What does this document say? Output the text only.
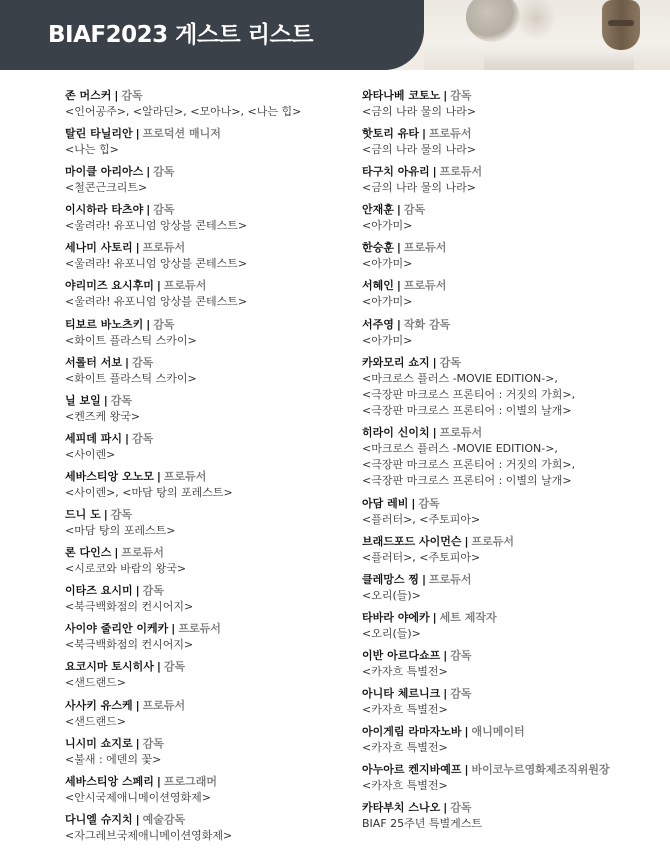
BIAF2023 게스트 리스트
존 머스커 | 감독
<인어공주>, <알라딘>, <모아나>, <나는 힙>
탈린 타닐리안 | 프로덕션 매니저
<나는 힙>
마이클 아리아스 | 감독
<철콘근크리트>
이시하라 타츠야 | 감독
<울려라! 유포니엄 앙상블 콘테스트>
세나미 사토리 | 프로듀서
<울려라! 유포니엄 앙상블 콘테스트>
야리미즈 요시후미 | 프로듀서
<울려라! 유포니엄 앙상블 콘테스트>
티보르 바노츠키 | 감독
<화이트 플라스틱 스카이>
서롤터 서보 | 감독
<화이트 플라스틱 스카이>
닐 보일 | 감독
<켄즈케 왕국>
세피데 파시 | 감독
<사이렌>
세바스티앙 오노모 | 프로듀서
<사이렌>, <마담 탕의 포레스트>
드니 도 | 감독
<마담 탕의 포레스트>
론 다인스 | 프로듀서
<시로코와 바람의 왕국>
이타즈 요시미 | 감독
<북극백화점의 컨시어지>
사이야 줄리안 이케카 | 프로듀서
<북극백화점의 컨시어지>
요코시마 토시히사 | 감독
<샌드랜드>
사사키 유스케 | 프로듀서
<샌드랜드>
니시미 쇼지로 | 감독
<불새 : 에덴의 꽃>
세바스티앙 스페리 | 프로그래머
<안시국제애니메이션영화제>
다니엘 슈지치 | 예술감독
<자그레브국제애니메이션영화제>
와타나베 코토노 | 감독
<금의 나라 물의 나라>
핫토리 유타 | 프로듀서
<금의 나라 물의 나라>
타구치 아유리 | 프로듀서
<금의 나라 물의 나라>
안재훈 | 감독
<아가미>
한승훈 | 프로듀서
<아가미>
서혜인 | 프로듀서
<아가미>
서주영 | 작화 감독
<아가미>
카와모리 쇼지 | 감독
<마크로스 플러스 -MOVIE EDITION->,
<극장판 마크로스 프론티어 : 거짓의 가희>,
<극장판 마크로스 프론티어 : 이별의 날개>
히라이 신이치 | 프로듀서
<마크로스 플러스 -MOVIE EDITION->,
<극장판 마크로스 프론티어 : 거짓의 가희>,
<극장판 마크로스 프론티어 : 이별의 날개>
아담 레비 | 감독
<플러터>, <주토피아>
브래드포드 사이먼슨 | 프로듀서
<플러터>, <주토피아>
클레망스 찡 | 프로듀서
<오리(들)>
타바라 야에카 | 세트 제작자
<오리(들)>
이반 아르다쇼프 | 감독
<카자흐 특별전>
아니타 체르니크 | 감독
<카자흐 특별전>
아이게림 라마자노바 | 애니메이터
<카자흐 특별전>
아누아르 켄지바예프 | 바이코누르영화제조직위원장
<카자흐 특별전>
카타부치 스나오 | 감독
BIAF 25주년 특별게스트
